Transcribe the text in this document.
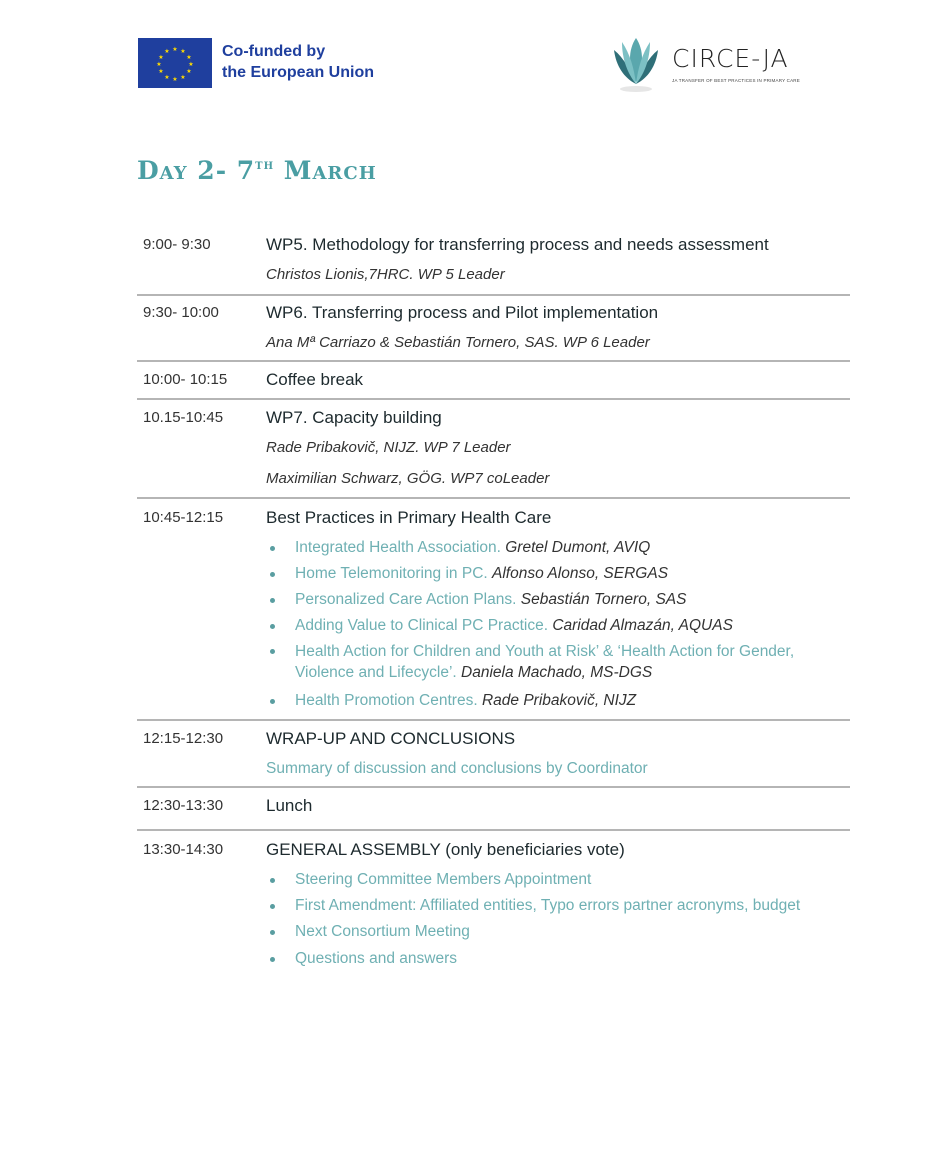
★ ★
★
★
★
★
★
★
★
★
★
★	Co-funded by
the European Union	CIRCE-JA
JA TRANSFER OF BEST PRACTICES IN PRIMARY CARE
Day 2- 7th March
9:00- 9:30	WP5. Methodology for transferring process and needs assessment
Christos Lionis,7HRC. WP 5 Leader
9:30- 10:00	WP6. Transferring process and Pilot implementation
Ana Mª Carriazo & Sebastián Tornero, SAS. WP 6 Leader
10:00- 10:15 Coffee break
10.15-10:45	WP7. Capacity building
Rade Pribakovič, NIJZ. WP 7 Leader
Maximilian Schwarz, GÖG. WP7 coLeader
10:45-12:15	Best Practices in Primary Health Care
Integrated Health Association. Gretel Dumont, AVIQ
Home Telemonitoring in PC. Alfonso Alonso, SERGAS
Personalized Care Action Plans. Sebastián Tornero, SAS
Adding Value to Clinical PC Practice. Caridad Almazán, AQUAS
Health Action for Children and Youth at Risk’ & ‘Health Action for Gender, Violence and Lifecycle’. Daniela Machado, MS-DGS
Health Promotion Centres. Rade Pribakovič, NIJZ
12:15-12:30	WRAP-UP AND CONCLUSIONS
Summary of discussion and conclusions by Coordinator
12:30-13:30	Lunch
13:30-14:30	GENERAL ASSEMBLY (only beneficiaries vote)
Steering Committee Members Appointment
First Amendment: Affiliated entities, Typo errors partner acronyms, budget
Next Consortium Meeting
Questions and answers
